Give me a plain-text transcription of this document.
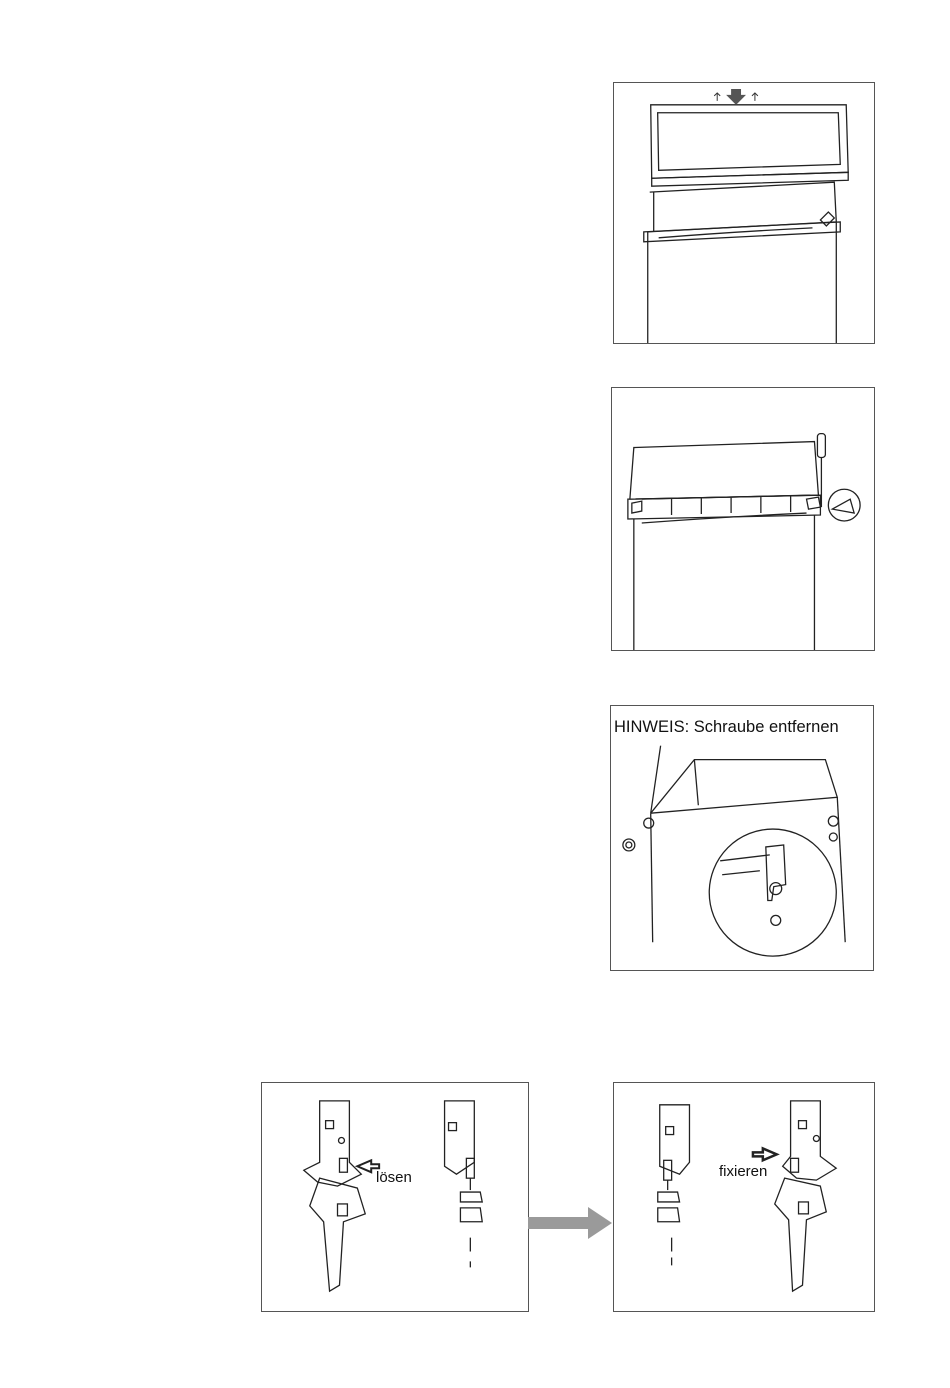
HINWEIS: Schraube entfernen
lösen	fixieren
